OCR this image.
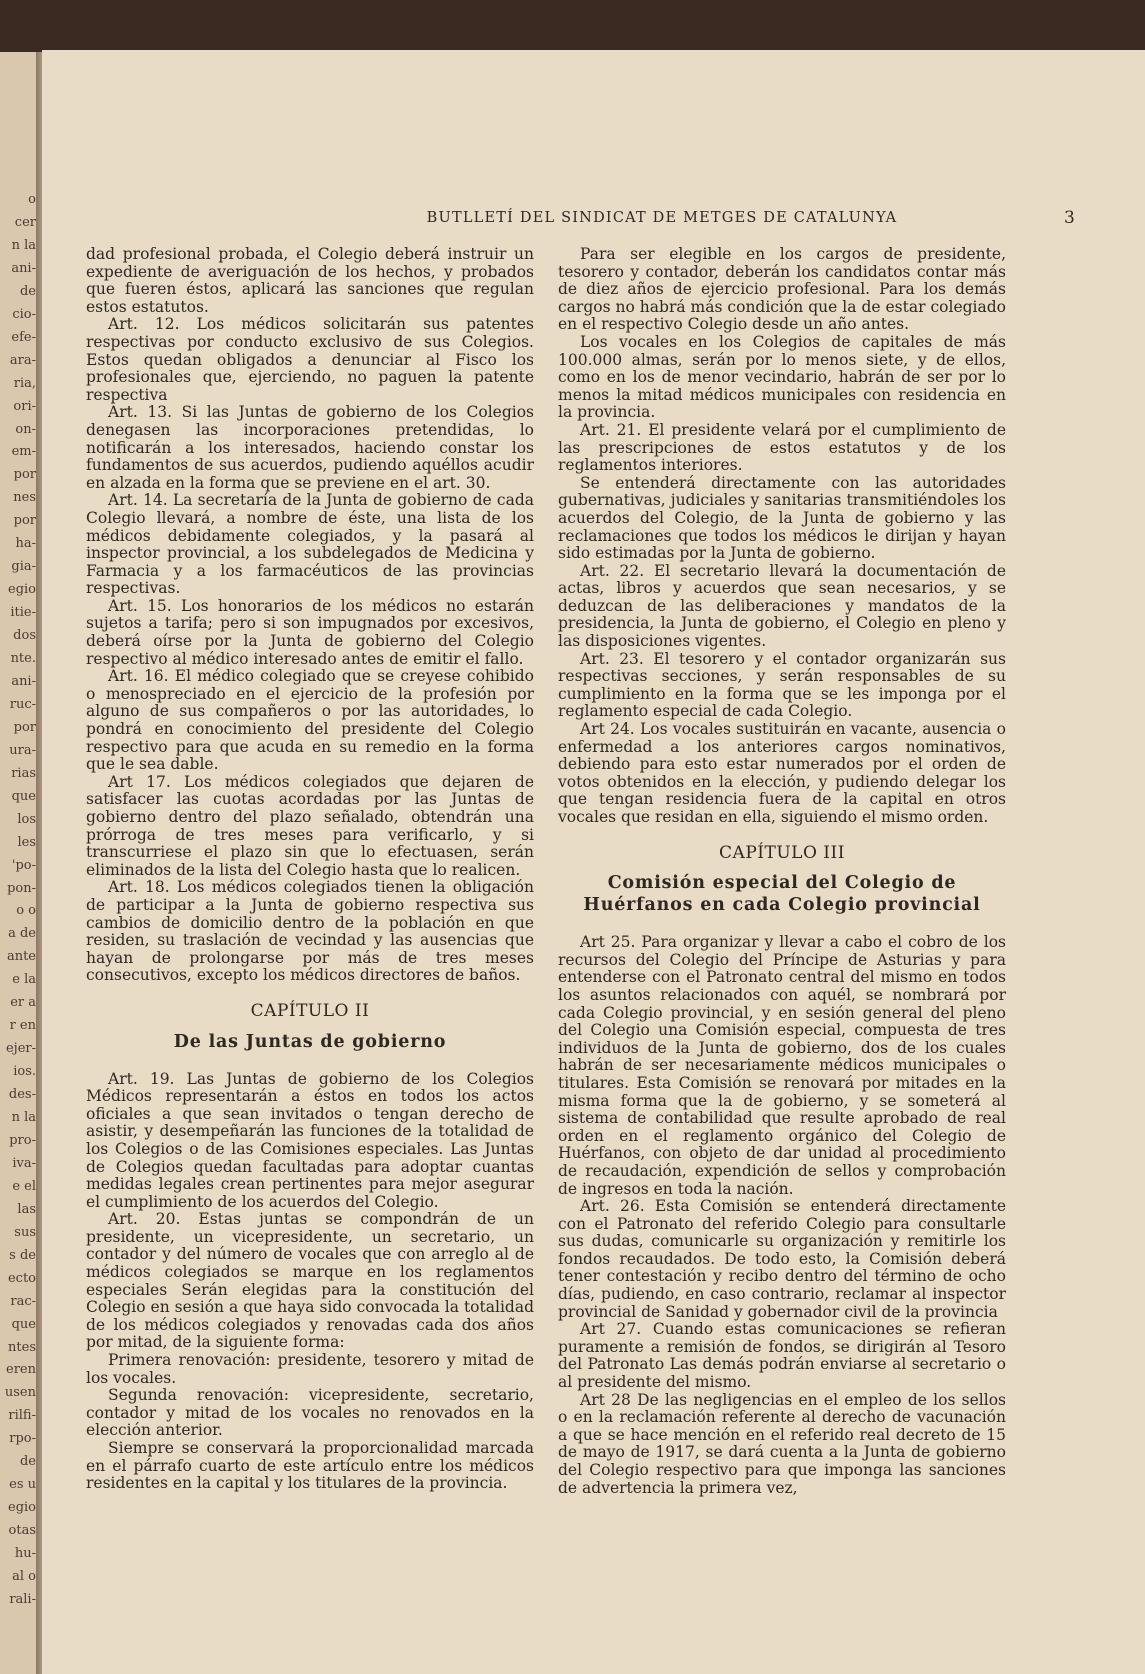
o
cer
n la
ani-
de
cio-
efe-
ara-
ria,
ori-
on-
em-
por
nes
por
ha-
gia-
egio
itie-
dos
nte.
ani-
ruc-
por
ura-
rias
que
los
les
'po-
pon-
o o
a de
ante
e la
er a
r en
ejer-
ios.
des-
n la
pro-
iva-
e el
las
sus
s de
ecto
rac-
que
ntes
eren
usen
rilfi-
rpo-
de
es u
egio
otas
hu-
al o
rali-
BUTLLETÍ DEL SINDICAT DE METGES DE CATALUNYA	3

dad profesional probada, el Colegio deberá instruir un expediente de averiguación de los hechos, y probados que fueren éstos, aplicará las sanciones que regulan estos estatutos.

Art. 12. Los médicos solicitarán sus patentes respectivas por conducto exclusivo de sus Colegios. Estos quedan obligados a denunciar al Fisco los profesionales que, ejerciendo, no paguen la patente respectiva

Art. 13. Si las Juntas de gobierno de los Colegios denegasen las incorporaciones pretendidas, lo notificarán a los interesados, haciendo constar los fundamentos de sus acuerdos, pudiendo aquéllos acudir en alzada en la forma que se previene en el art. 30.

Art. 14. La secretaría de la Junta de gobierno de cada Colegio llevará, a nombre de éste, una lista de los médicos debidamente colegiados, y la pasará al inspector provincial, a los subdelegados de Medicina y Farmacia y a los farmacéuticos de las provincias respectivas.

Art. 15. Los honorarios de los médicos no estarán sujetos a tarifa; pero si son impugnados por excesivos, deberá oírse por la Junta de gobierno del Colegio respectivo al médico interesado antes de emitir el fallo.

Art. 16. El médico colegiado que se creyese cohibido o menospreciado en el ejercicio de la profesión por alguno de sus compañeros o por las autoridades, lo pondrá en conocimiento del presidente del Colegio respectivo para que acuda en su remedio en la forma que le sea dable.

Art 17. Los médicos colegiados que dejaren de satisfacer las cuotas acordadas por las Juntas de gobierno dentro del plazo señalado, obtendrán una prórroga de tres meses para verificarlo, y si transcurriese el plazo sin que lo efectuasen, serán eliminados de la lista del Colegio hasta que lo realicen.

Art. 18. Los médicos colegiados tienen la obligación de participar a la Junta de gobierno respectiva sus cambios de domicilio dentro de la población en que residen, su traslación de vecindad y las ausencias que hayan de prolongarse por más de tres meses consecutivos, excepto los médicos directores de baños.

CAPÍTULO II

De las Juntas de gobierno

Art. 19. Las Juntas de gobierno de los Colegios Médicos representarán a éstos en todos los actos oficiales a que sean invitados o tengan derecho de asistir, y desempeñarán las funciones de la totalidad de los Colegios o de las Comisiones especiales. Las Juntas de Colegios quedan facultadas para adoptar cuantas medidas legales crean pertinentes para mejor asegurar el cumplimiento de los acuerdos del Colegio.

Art. 20. Estas juntas se compondrán de un presidente, un vicepresidente, un secretario, un contador y del número de vocales que con arreglo al de médicos colegiados se marque en los reglamentos especiales Serán elegidas para la constitución del Colegio en sesión a que haya sido convocada la totalidad de los médicos colegiados y renovadas cada dos años por mitad, de la siguiente forma:

Primera renovación: presidente, tesorero y mitad de los vocales.

Segunda renovación: vicepresidente, secretario, contador y mitad de los vocales no renovados en la elección anterior.

Siempre se conservará la proporcionalidad marcada en el párrafo cuarto de este artículo entre los médicos residentes en la capital y los titulares de la provincia.

Para ser elegible en los cargos de presidente, tesorero y contador, deberán los candidatos contar más de diez años de ejercicio profesional. Para los demás cargos no habrá más condición que la de estar colegiado en el respectivo Colegio desde un año antes.

Los vocales en los Colegios de capitales de más 100.000 almas, serán por lo menos siete, y de ellos, como en los de menor vecindario, habrán de ser por lo menos la mitad médicos municipales con residencia en la provincia.

Art. 21. El presidente velará por el cumplimiento de las prescripciones de estos estatutos y de los reglamentos interiores.

Se entenderá directamente con las autoridades gubernativas, judiciales y sanitarias transmitiéndoles los acuerdos del Colegio, de la Junta de gobierno y las reclamaciones que todos los médicos le dirijan y hayan sido estimadas por la Junta de gobierno.

Art. 22. El secretario llevará la documentación de actas, libros y acuerdos que sean necesarios, y se deduzcan de las deliberaciones y mandatos de la presidencia, la Junta de gobierno, el Colegio en pleno y las disposiciones vigentes.

Art. 23. El tesorero y el contador organizarán sus respectivas secciones, y serán responsables de su cumplimiento en la forma que se les imponga por el reglamento especial de cada Colegio.

Art 24. Los vocales sustituirán en vacante, ausencia o enfermedad a los anteriores cargos nominativos, debiendo para esto estar numerados por el orden de votos obtenidos en la elección, y pudiendo delegar los que tengan residencia fuera de la capital en otros vocales que residan en ella, siguiendo el mismo orden.

CAPÍTULO III

Comisión especial del Colegio de Huérfanos en cada Colegio provincial

Art 25. Para organizar y llevar a cabo el cobro de los recursos del Colegio del Príncipe de Asturias y para entenderse con el Patronato central del mismo en todos los asuntos relacionados con aquél, se nombrará por cada Colegio provincial, y en sesión general del pleno del Colegio una Comisión especial, compuesta de tres individuos de la Junta de gobierno, dos de los cuales habrán de ser necesariamente médicos municipales o titulares. Esta Comisión se renovará por mitades en la misma forma que la de gobierno, y se someterá al sistema de contabilidad que resulte aprobado de real orden en el reglamento orgánico del Colegio de Huérfanos, con objeto de dar unidad al procedimiento de recaudación, expendición de sellos y comprobación de ingresos en toda la nación.

Art. 26. Esta Comisión se entenderá directamente con el Patronato del referido Colegio para consultarle sus dudas, comunicarle su organización y remitirle los fondos recaudados. De todo esto, la Comisión deberá tener contestación y recibo dentro del término de ocho días, pudiendo, en caso contrario, reclamar al inspector provincial de Sanidad y gobernador civil de la provincia

Art 27. Cuando estas comunicaciones se refieran puramente a remisión de fondos, se dirigirán al Tesoro del Patronato Las demás podrán enviarse al secretario o al presidente del mismo.

Art 28 De las negligencias en el empleo de los sellos o en la reclamación referente al derecho de vacunación a que se hace mención en el referido real decreto de 15 de mayo de 1917, se dará cuenta a la Junta de gobierno del Colegio respectivo para que imponga las sanciones de advertencia la primera vez,
